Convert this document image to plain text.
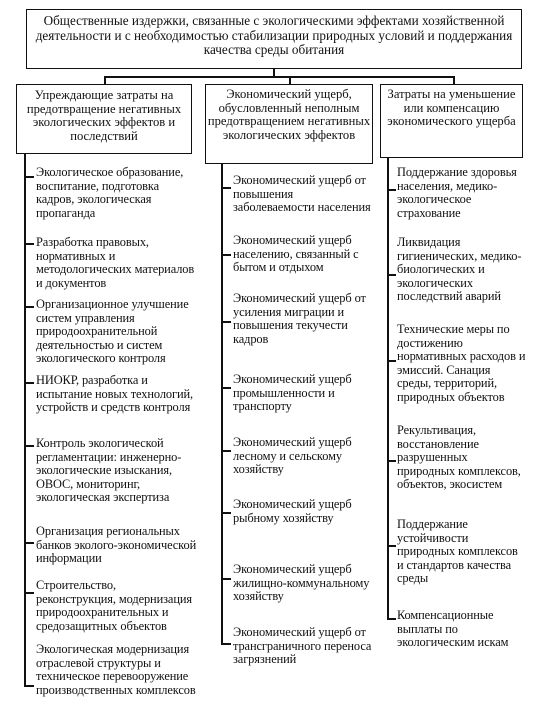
Общественные издержки, связанные с экологическими эффектами хозяйственной деятельности и с необходимостью стабилизации природных условий и поддержания качества среды обитания
Упреждающие затраты на предотвращение негативных экологических эффектов и последствий
Экономический ущерб, обусловленный неполным предотвращением негативных экологических эффектов
Затраты на уменьшение или компенсацию экономического ущерба
Экологическое образование, воспитание, подготовка кадров, экологическая пропаганда
Разработка правовых, нормативных и методологических материалов и документов
Организационное улучшение систем управления природоохранительной деятельностью и систем экологического контроля
НИОКР, разработка и испытание новых технологий, устройств и средств контроля
Контроль экологической регламентации: инженерно-экологические изыскания, ОВОС, мониторинг, экологическая экспертиза
Организация региональных банков эколого-экономической информации
Строительство, реконструкция, модернизация природоохранительных и средозащитных объектов
Экологическая модернизация отраслевой структуры и техническое перевооружение производственных комплексов
Экономический ущерб от повышения заболеваемости населения
Экономический ущерб населению, связанный с бытом и отдыхом
Экономический ущерб от усиления миграции и повышения текучести кадров
Экономический ущерб промышленности и транспорту
Экономический ущерб лесному и сельскому хозяйству
Экономический ущерб рыбному хозяйству
Экономический ущерб жилищно-коммунальному хозяйству
Экономический ущерб от трансграничного переноса загрязнений
Поддержание здоровья населения, медико-экологическое страхование
Ликвидация гигиенических, медико-биологических и экологических последствий аварий
Технические меры по достижению нормативных расходов и эмиссий. Санация среды, территорий, природных объектов
Рекультивация, восстановление разрушенных природных комплексов, объектов, экосистем
Поддержание устойчивости природных комплексов и стандартов качества среды
Компенсационные выплаты по экологическим искам
